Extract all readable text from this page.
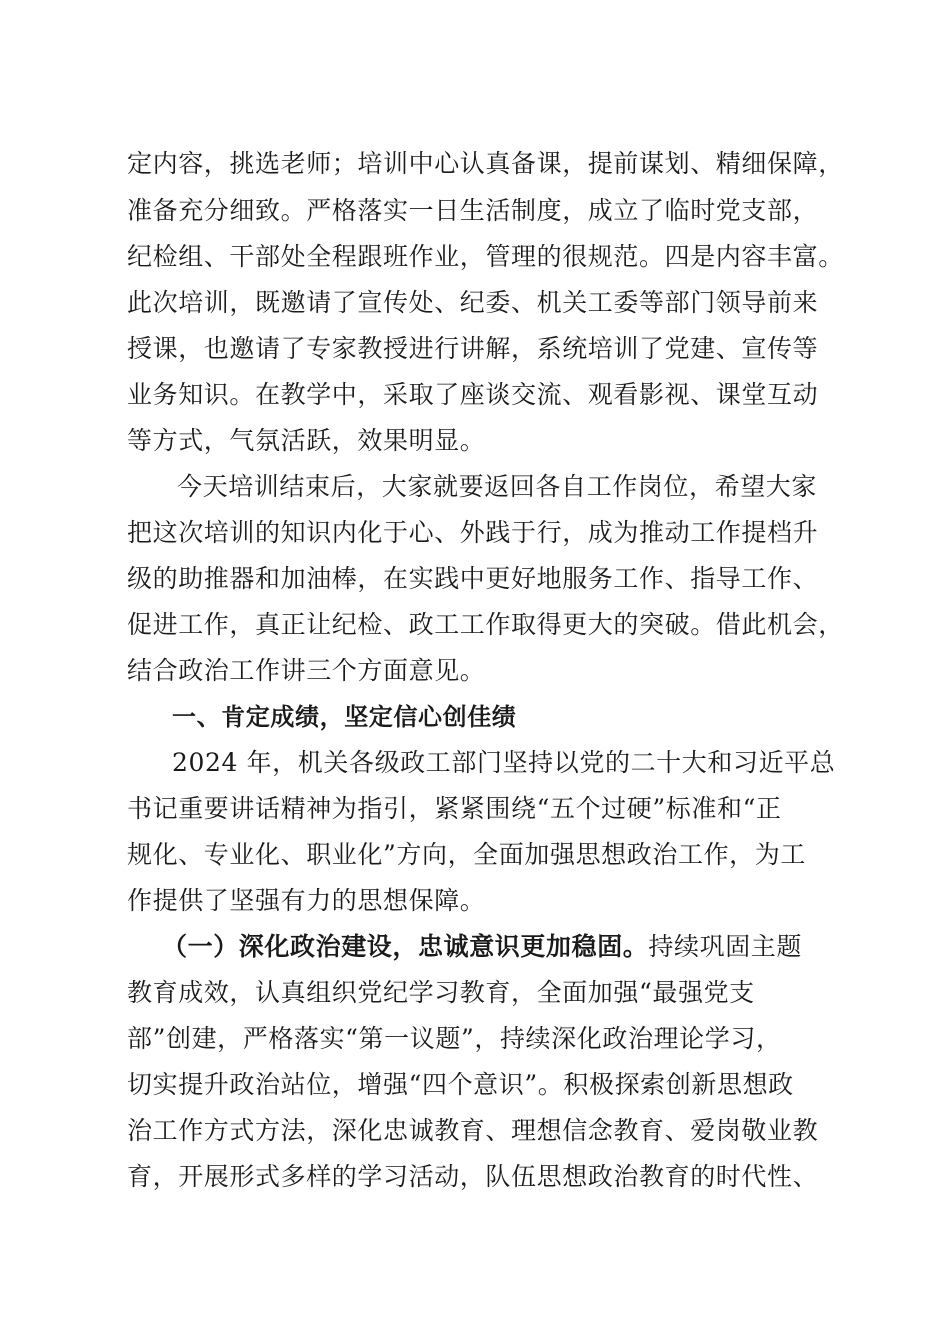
定内容，挑选老师；培训中心认真备课，提前谋划、精细保障，
准备充分细致。严格落实一日生活制度，成立了临时党支部，
纪检组、干部处全程跟班作业，管理的很规范。四是内容丰富。
此次培训，既邀请了宣传处、纪委、机关工委等部门领导前来
授课，也邀请了专家教授进行讲解，系统培训了党建、宣传等
业务知识。在教学中，采取了座谈交流、观看影视、课堂互动
等方式，气氛活跃，效果明显。
今天培训结束后，大家就要返回各自工作岗位，希望大家
把这次培训的知识内化于心、外践于行，成为推动工作提档升
级的助推器和加油棒，在实践中更好地服务工作、指导工作、
促进工作，真正让纪检、政工工作取得更大的突破。借此机会，
结合政治工作讲三个方面意见。
一、肯定成绩，坚定信心创佳绩
2024 年，机关各级政工部门坚持以党的二十大和习近平总
书记重要讲话精神为指引，紧紧围绕“五个过硬”标准和“正
规化、专业化、职业化”方向，全面加强思想政治工作，为工
作提供了坚强有力的思想保障。
（一）深化政治建设，忠诚意识更加稳固。持续巩固主题
教育成效，认真组织党纪学习教育，全面加强“最强党支
部”创建，严格落实“第一议题”，持续深化政治理论学习，
切实提升政治站位，增强“四个意识”。积极探索创新思想政
治工作方式方法，深化忠诚教育、理想信念教育、爱岗敬业教
育，开展形式多样的学习活动，队伍思想政治教育的时代性、
